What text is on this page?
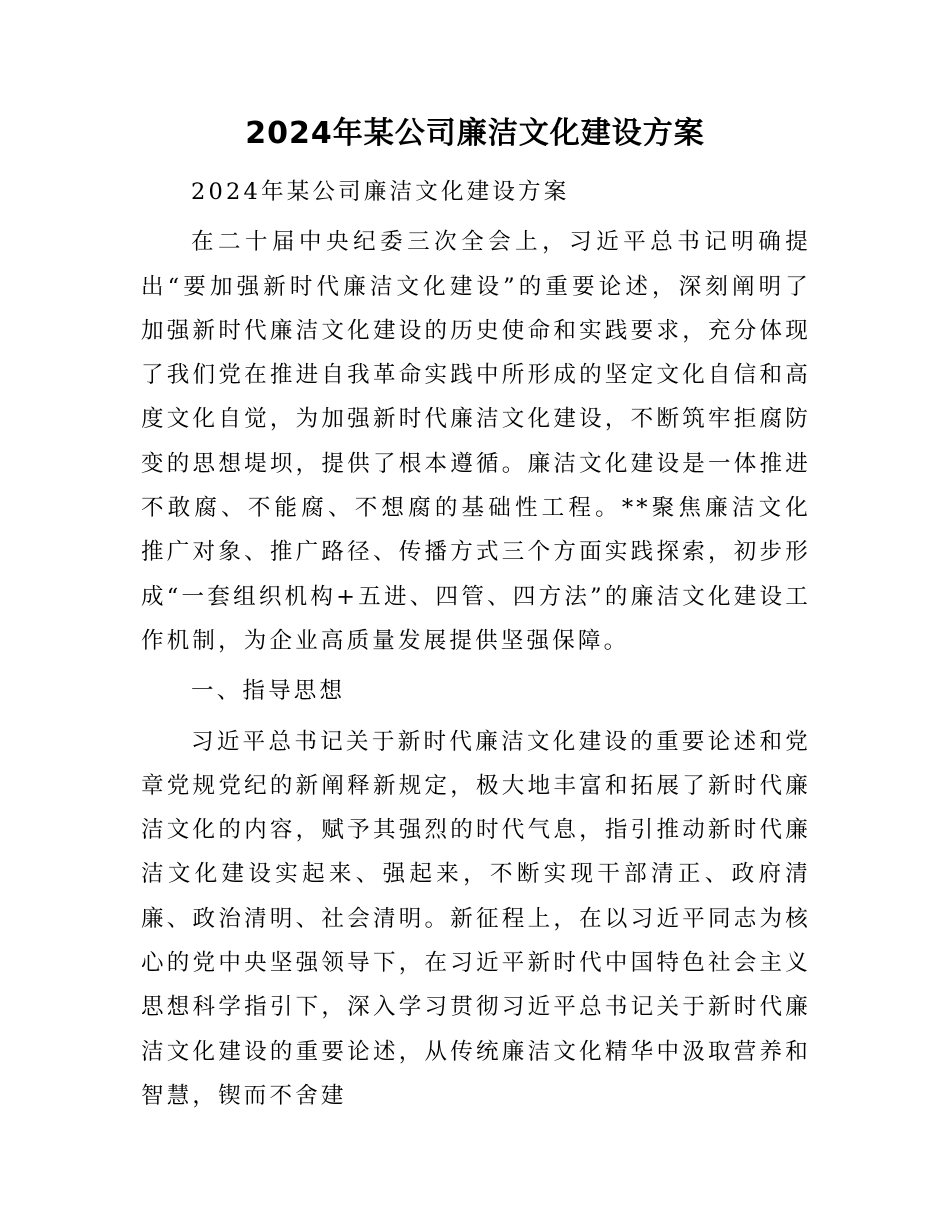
2024年某公司廉洁文化建设方案

2024年某公司廉洁文化建设方案

在二十届中央纪委三次全会上，习近平总书记明确提出“要加强新时代廉洁文化建设”的重要论述，深刻阐明了加强新时代廉洁文化建设的历史使命和实践要求，充分体现了我们党在推进自我革命实践中所形成的坚定文化自信和高度文化自觉，为加强新时代廉洁文化建设，不断筑牢拒腐防变的思想堤坝，提供了根本遵循。廉洁文化建设是一体推进不敢腐、不能腐、不想腐的基础性工程。**聚焦廉洁文化推广对象、推广路径、传播方式三个方面实践探索，初步形成“一套组织机构+五进、四管、四方法”的廉洁文化建设工作机制，为企业高质量发展提供坚强保障。

一、指导思想

习近平总书记关于新时代廉洁文化建设的重要论述和党章党规党纪的新阐释新规定，极大地丰富和拓展了新时代廉洁文化的内容，赋予其强烈的时代气息，指引推动新时代廉洁文化建设实起来、强起来，不断实现干部清正、政府清廉、政治清明、社会清明。新征程上，在以习近平同志为核心的党中央坚强领导下，在习近平新时代中国特色社会主义思想科学指引下，深入学习贯彻习近平总书记关于新时代廉洁文化建设的重要论述，从传统廉洁文化精华中汲取营养和智慧，锲而不舍建
